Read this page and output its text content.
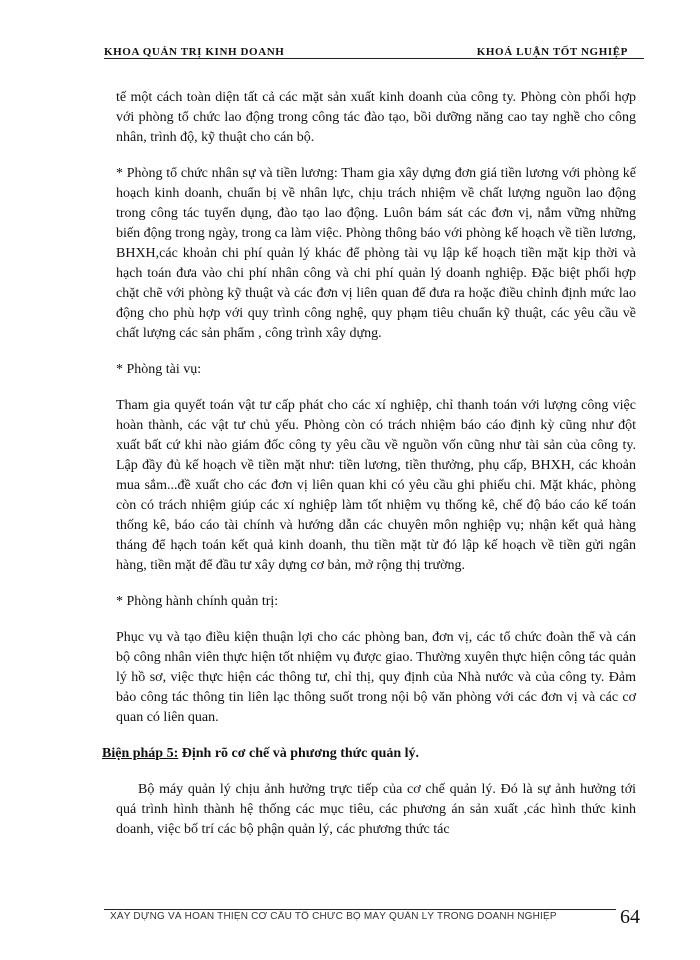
KHOA QUẢN TRỊ KINH DOANH	KHOÁ LUẬN TỐT NGHIỆP

tế một cách toàn diện tất cả các mặt sản xuất kinh doanh của công ty. Phòng còn phối hợp với phòng tổ chức lao động trong công tác đào tạo, bồi dưỡng năng cao tay nghề cho công nhân, trình độ, kỹ thuật cho cán bộ.

* Phòng tổ chức nhân sự và tiền lương: Tham gia xây dựng đơn giá tiền lương với phòng kế hoạch kinh doanh, chuẩn bị về nhân lực, chịu trách nhiệm về chất lượng nguồn lao động trong công tác tuyển dụng, đào tạo lao động. Luôn bám sát các đơn vị, nắm vững những biến động trong ngày, trong ca làm việc. Phòng thông báo với phòng kế hoạch về tiền lương, BHXH,các khoản chi phí quản lý khác để phòng tài vụ lập kế hoạch tiền mặt kịp thời và hạch toán đưa vào chi phí nhân công và chi phí quản lý doanh nghiệp. Đặc biệt phối hợp chặt chẽ với phòng kỹ thuật và các đơn vị liên quan để đưa ra hoặc điều chỉnh định mức lao động cho phù hợp với quy trình công nghệ, quy phạm tiêu chuẩn kỹ thuật, các yêu cầu về chất lượng các sản phẩm , công trình xây dựng.

* Phòng tài vụ:

Tham gia quyết toán vật tư cấp phát cho các xí nghiệp, chỉ thanh toán với lượng công việc hoàn thành, các vật tư chủ yếu. Phòng còn có trách nhiệm báo cáo định kỳ cũng như đột xuất bất cứ khi nào giám đốc công ty yêu cầu về nguồn vốn cũng như tài sản của công ty. Lập đầy đủ kế hoạch về tiền mặt như: tiền lương, tiền thưởng, phụ cấp, BHXH, các khoản mua sắm...đề xuất cho các đơn vị liên quan khi có yêu cầu ghi phiếu chi. Mặt khác, phòng còn có trách nhiệm giúp các xí nghiệp làm tốt nhiệm vụ thống kê, chế độ báo cáo kế toán thống kê, báo cáo tài chính và hướng dẫn các chuyên môn nghiệp vụ; nhận kết quả hàng tháng để hạch toán kết quả kinh doanh, thu tiền mặt từ đó lập kế hoạch về tiền gửi ngân hàng, tiền mặt để đầu tư xây dựng cơ bản, mở rộng thị trường.

* Phòng hành chính quản trị:

Phục vụ và tạo điều kiện thuận lợi cho các phòng ban, đơn vị, các tổ chức đoàn thể và cán bộ công nhân viên thực hiện tốt nhiệm vụ được giao. Thường xuyên thực hiện công tác quản lý hồ sơ, việc thực hiện các thông tư, chỉ thị, quy định của Nhà nước và của công ty. Đảm bảo công tác thông tin liên lạc thông suốt trong nội bộ văn phòng với các đơn vị và các cơ quan có liên quan.

Biện pháp 5: Định rõ cơ chế và phương thức quản lý.

Bộ máy quản lý chịu ảnh hưởng trực tiếp của cơ chế quản lý. Đó là sự ảnh hưởng tới quá trình hình thành hệ thống các mục tiêu, các phương án sản xuất ,các hình thức kinh doanh, việc bố trí các bộ phận quản lý, các phương thức tác

XÂY DỰNG VÀ HOÀN THIỆN CƠ CẤU TỔ CHỨC BỘ MÁY QUẢN LÝ TRONG DOANH NGHIỆP	64
